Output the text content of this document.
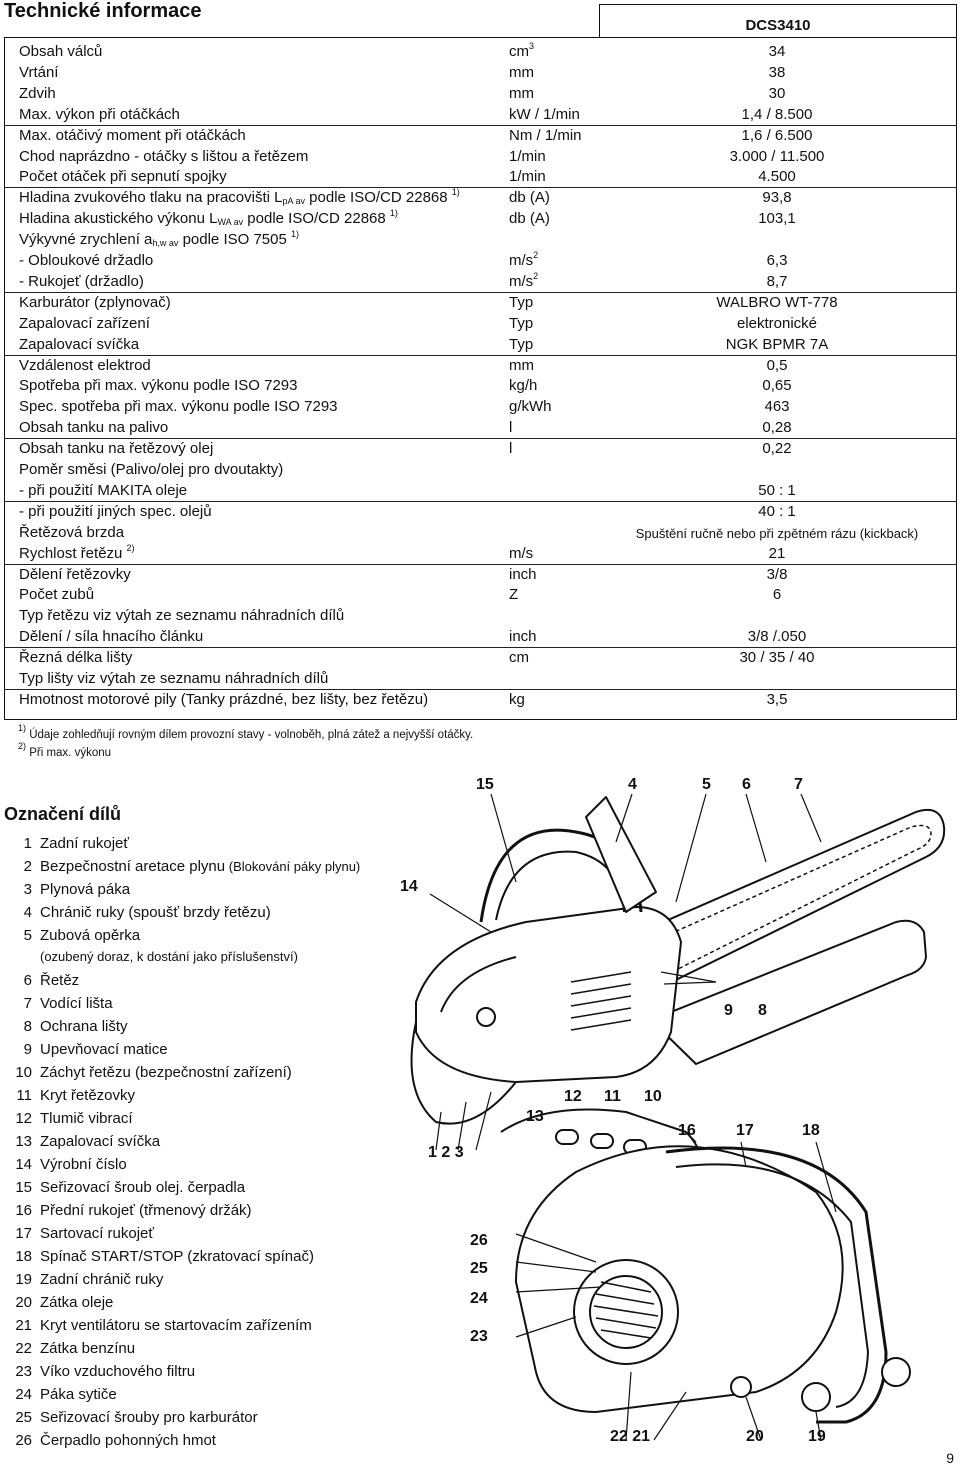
Technické informace
DCS3410
Obsah válců	$cm^3$	34
Vrtání	mm	38
Zdvih	mm	30
Max. výkon při otáčkách	kW / 1/min	1,4 / 8.500
Max. otáčivý moment při otáčkách	Nm / 1/min	1,6 / 6.500
Chod naprázdno - otáčky s lištou a řetězem	1/min	3.000 / 11.500
Počet otáček při sepnutí spojky	1/min	4.500
Hladina zvukového tlaku na pracovišti $L_{pA av}$ podle ISO/CD 22868 $^{1)}$	db (A)	93,8
Hladina akustického výkonu $L_{WA av}$ podle ISO/CD 22868 $^{1)}$	db (A)	103,1
Výkyvné zrychlení $a_{h,w av}$ podle ISO 7505 $^{1)}$
- Obloukové držadlo	$m/s^2$	6,3
- Rukojeť (držadlo)	$m/s^2$	8,7
Karburátor (zplynovač)	Typ	WALBRO WT-778
Zapalovací zařízení	Typ	elektronické
Zapalovací svíčka	Typ	NGK BPMR 7A
Vzdálenost elektrod	mm	0,5
Spotřeba při max. výkonu podle ISO 7293	kg/h	0,65
Spec. spotřeba při max. výkonu podle ISO 7293	g/kWh	463
Obsah tanku na palivo	l	0,28
Obsah tanku na řetězový olej	l	0,22
Poměr směsi (Palivo/olej pro dvoutakty)
- při použití MAKITA oleje	50 : 1
- při použití jiných spec. olejů	40 : 1
Řetězová brzda	Spuštění ručně nebo při zpětném rázu (kickback)
Rychlost řetězu $^{2)}$	m/s	21
Dělení řetězovky	inch	3/8
Počet zubů	Z	6
Typ řetězu viz výtah ze seznamu náhradních dílů
Dělení / síla hnacího článku	inch	3/8 /.050
Řezná délka lišty	cm	30 / 35 / 40
Typ lišty viz výtah ze seznamu náhradních dílů
Hmotnost motorové pily (Tanky prázdné, bez lišty, bez řetězu)	kg	3,5
$^{1)}$ Údaje zohledňují rovným dílem provozní stavy - volnoběh, plná zátež a nejvyšší otáčky.
$^{2)}$ Při max. výkonu
Označení dílů
1 Zadní rukojeť
2 Bezpečnostní aretace plynu (Blokování páky plynu)
3 Plynová páka
4 Chránič ruky (spoušť brzdy řetězu)
5 Zubová opěrka
6 Řetěz
7 Vodící lišta
8 Ochrana lišty
9 Upevňovací matice
10 Záchyt řetězu (bezpečnostní zařízení)
11 Kryt řetězovky
12 Tlumič vibrací
13 Zapalovací svíčka
14 Výrobní číslo
15 Seřizovací šroub olej. čerpadla
16 Přední rukojeť (třmenový držák)
17 Sartovací rukojeť
18 Spínač START/STOP (zkratovací spínač)
19 Zadní chránič ruky
20 Zátka oleje
21 Kryt ventilátoru se startovacím zařízením
22 Zátka benzínu
23 Víko vzduchového filtru
24 Páka sytiče
25 Seřizovací šrouby pro karburátor
26 Čerpadlo pohonných hmot
(ozubený doraz, k dostání jako příslušenství)
15	4	5 6	7
14
9 8
12 11 10
13
16	17	18
1 2 3
26
25
24
23
22 21	20	19
9
